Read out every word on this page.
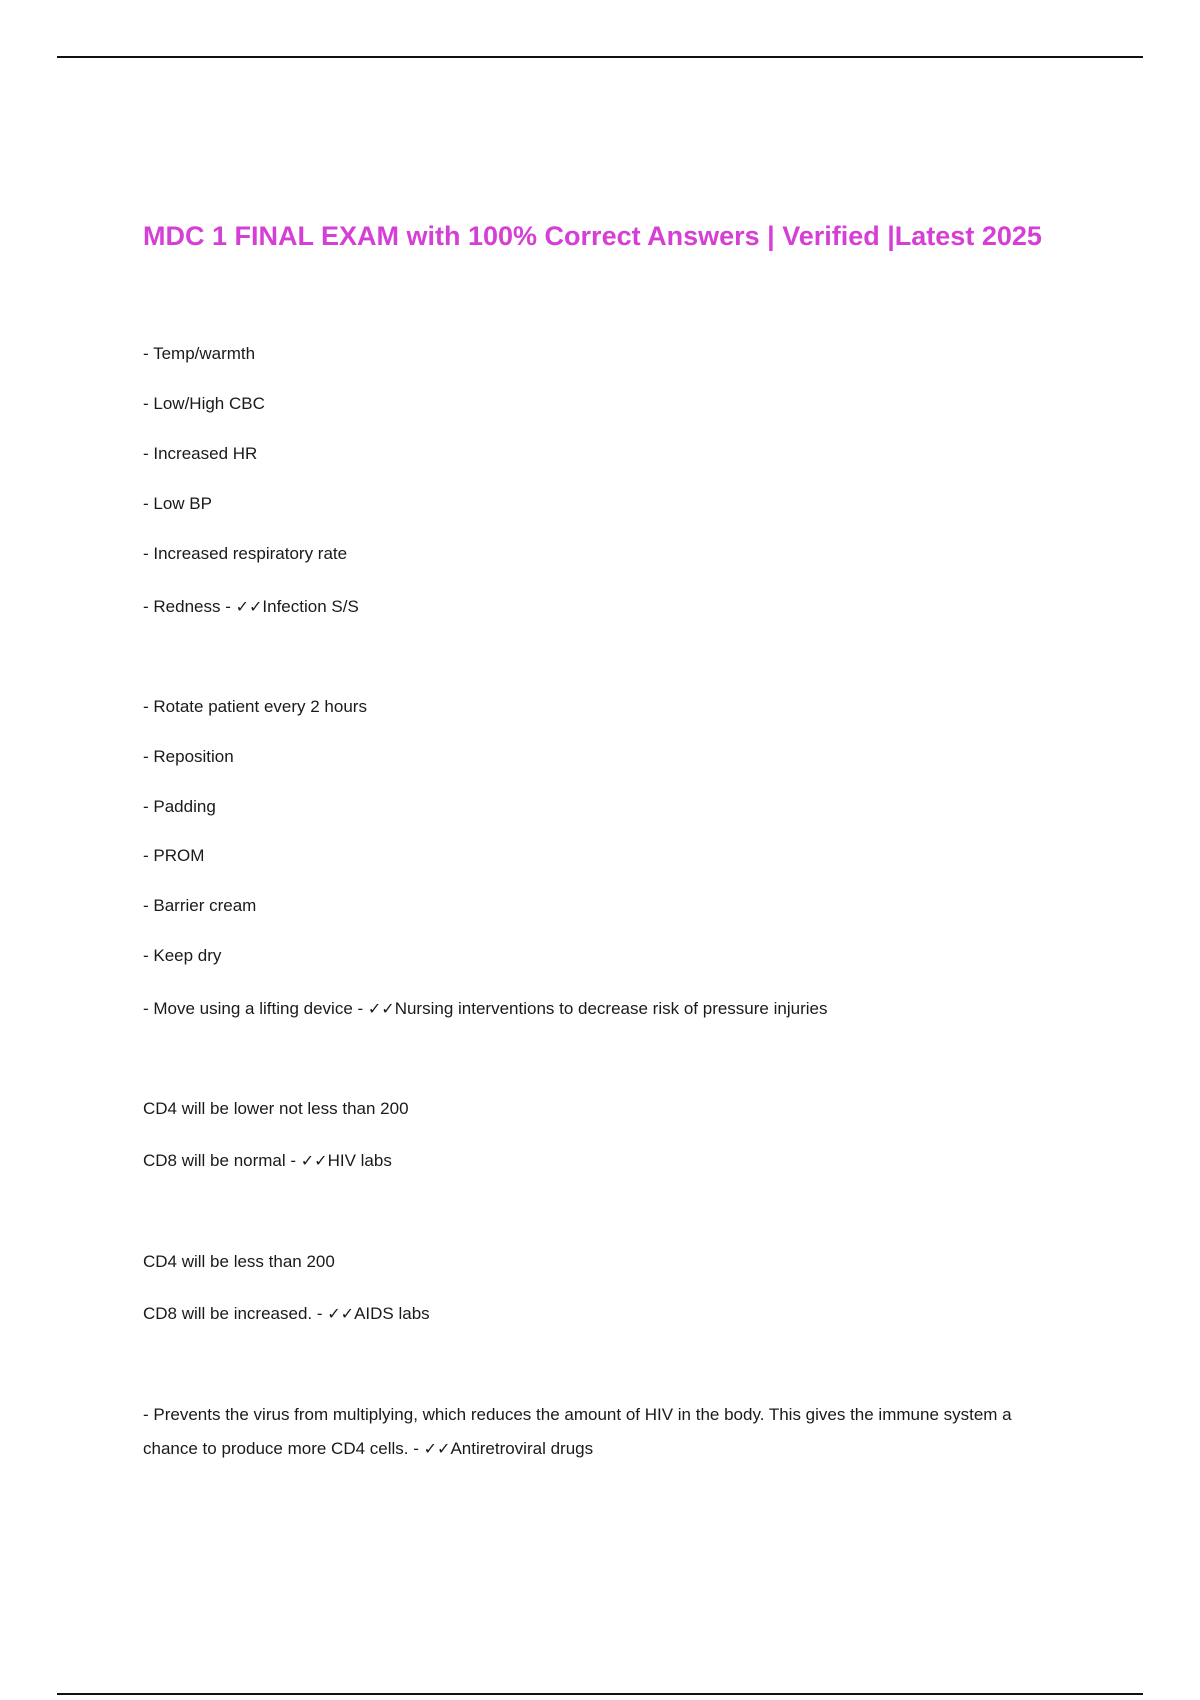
MDC 1 FINAL EXAM with 100% Correct Answers | Verified |Latest 2025

- Temp/warmth

- Low/High CBC

- Increased HR

- Low BP

- Increased respiratory rate

- Redness - ✓✓Infection S/S

- Rotate patient every 2 hours

- Reposition

- Padding

- PROM

- Barrier cream

- Keep dry

- Move using a lifting device - ✓✓Nursing interventions to decrease risk of pressure injuries

CD4 will be lower not less than 200

CD8 will be normal - ✓✓HIV labs

CD4 will be less than 200

CD8 will be increased. - ✓✓AIDS labs

- Prevents the virus from multiplying, which reduces the amount of HIV in the body. This gives the immune system a chance to produce more CD4 cells. - ✓✓Antiretroviral drugs
